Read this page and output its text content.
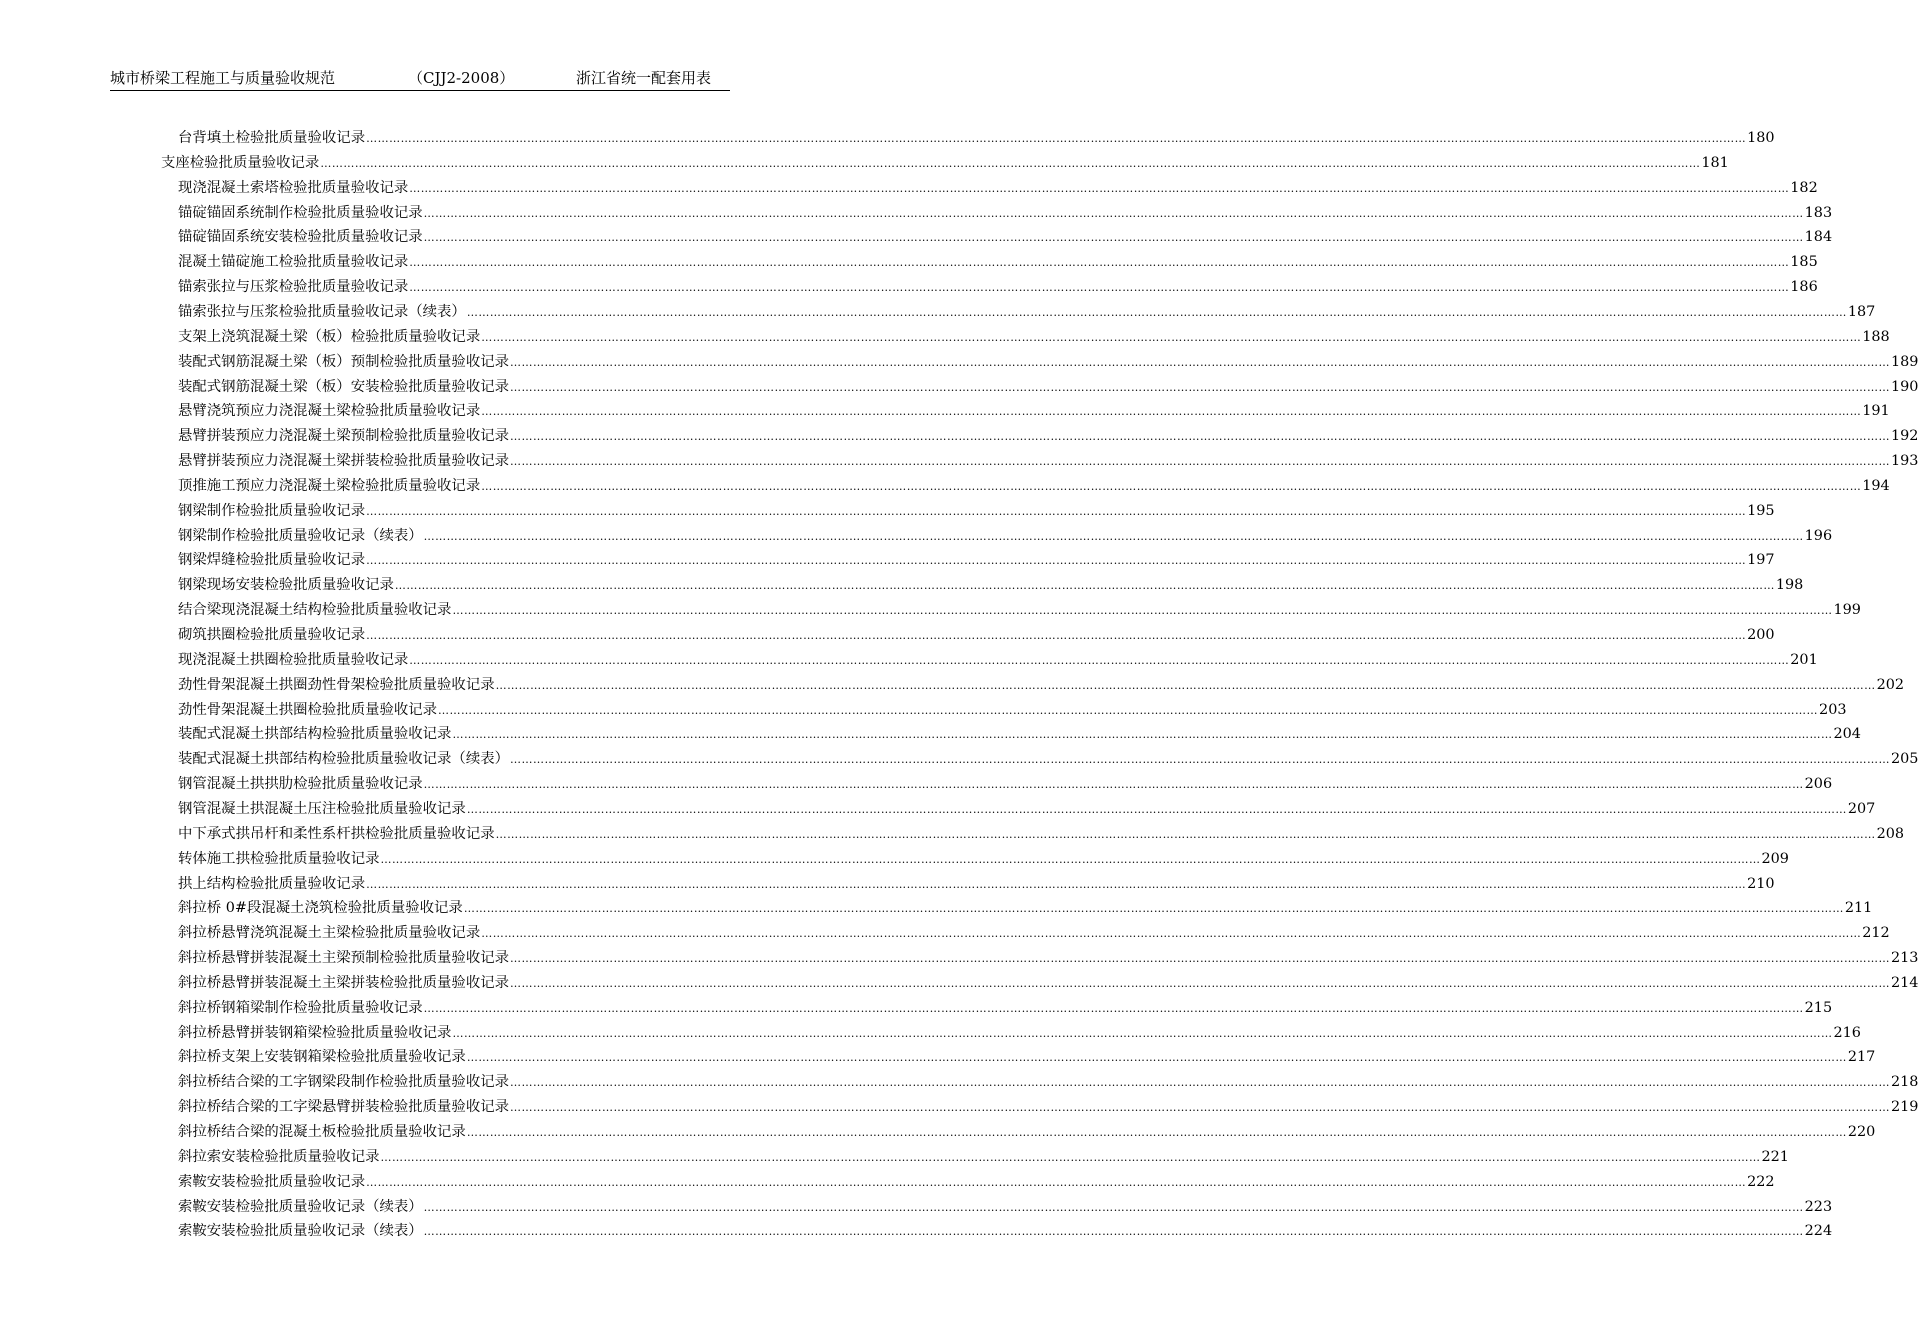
城市桥梁工程施工与质量验收规范	（CJJ2-2008）	浙江省统一配套用表
台背填土检验批质量验收记录 ……………………………………………………………………………………………………………………………………………………………………………………………………………………………………………………………………………………………………………………………… 180
支座检验批质量验收记录 ……………………………………………………………………………………………………………………………………………………………………………………………………………………………………………………………………………………………………………………………… 181
现浇混凝土索塔检验批质量验收记录 ……………………………………………………………………………………………………………………………………………………………………………………………………………………………………………………………………………………………………………………………… 182
锚碇锚固系统制作检验批质量验收记录 ……………………………………………………………………………………………………………………………………………………………………………………………………………………………………………………………………………………………………………………………… 183
锚碇锚固系统安装检验批质量验收记录 ……………………………………………………………………………………………………………………………………………………………………………………………………………………………………………………………………………………………………………………………… 184
混凝土锚碇施工检验批质量验收记录 ……………………………………………………………………………………………………………………………………………………………………………………………………………………………………………………………………………………………………………………………… 185
锚索张拉与压浆检验批质量验收记录 ……………………………………………………………………………………………………………………………………………………………………………………………………………………………………………………………………………………………………………………………… 186
锚索张拉与压浆检验批质量验收记录（续表） ……………………………………………………………………………………………………………………………………………………………………………………………………………………………………………………………………………………………………………………………… 187
支架上浇筑混凝土梁（板）检验批质量验收记录 ……………………………………………………………………………………………………………………………………………………………………………………………………………………………………………………………………………………………………………………………… 188
装配式钢筋混凝土梁（板）预制检验批质量验收记录 ……………………………………………………………………………………………………………………………………………………………………………………………………………………………………………………………………………………………………………………………… 189
装配式钢筋混凝土梁（板）安装检验批质量验收记录 ……………………………………………………………………………………………………………………………………………………………………………………………………………………………………………………………………………………………………………………………… 190
悬臂浇筑预应力浇混凝土梁检验批质量验收记录 ……………………………………………………………………………………………………………………………………………………………………………………………………………………………………………………………………………………………………………………………… 191
悬臂拼装预应力浇混凝土梁预制检验批质量验收记录 ……………………………………………………………………………………………………………………………………………………………………………………………………………………………………………………………………………………………………………………………… 192
悬臂拼装预应力浇混凝土梁拼装检验批质量验收记录 ……………………………………………………………………………………………………………………………………………………………………………………………………………………………………………………………………………………………………………………………… 193
顶推施工预应力浇混凝土梁检验批质量验收记录 ……………………………………………………………………………………………………………………………………………………………………………………………………………………………………………………………………………………………………………………………… 194
钢梁制作检验批质量验收记录 ……………………………………………………………………………………………………………………………………………………………………………………………………………………………………………………………………………………………………………………………… 195
钢梁制作检验批质量验收记录（续表） ……………………………………………………………………………………………………………………………………………………………………………………………………………………………………………………………………………………………………………………………… 196
钢梁焊缝检验批质量验收记录 ……………………………………………………………………………………………………………………………………………………………………………………………………………………………………………………………………………………………………………………………… 197
钢梁现场安装检验批质量验收记录 ……………………………………………………………………………………………………………………………………………………………………………………………………………………………………………………………………………………………………………………………… 198
结合梁现浇混凝土结构检验批质量验收记录 ……………………………………………………………………………………………………………………………………………………………………………………………………………………………………………………………………………………………………………………………… 199
砌筑拱圈检验批质量验收记录 ……………………………………………………………………………………………………………………………………………………………………………………………………………………………………………………………………………………………………………………………… 200
现浇混凝土拱圈检验批质量验收记录 ……………………………………………………………………………………………………………………………………………………………………………………………………………………………………………………………………………………………………………………………… 201
劲性骨架混凝土拱圈劲性骨架检验批质量验收记录 ……………………………………………………………………………………………………………………………………………………………………………………………………………………………………………………………………………………………………………………………… 202
劲性骨架混凝土拱圈检验批质量验收记录 ……………………………………………………………………………………………………………………………………………………………………………………………………………………………………………………………………………………………………………………………… 203
装配式混凝土拱部结构检验批质量验收记录 ……………………………………………………………………………………………………………………………………………………………………………………………………………………………………………………………………………………………………………………………… 204
装配式混凝土拱部结构检验批质量验收记录（续表） ……………………………………………………………………………………………………………………………………………………………………………………………………………………………………………………………………………………………………………………………… 205
钢管混凝土拱拱肋检验批质量验收记录 ……………………………………………………………………………………………………………………………………………………………………………………………………………………………………………………………………………………………………………………………… 206
钢管混凝土拱混凝土压注检验批质量验收记录 ……………………………………………………………………………………………………………………………………………………………………………………………………………………………………………………………………………………………………………………………… 207
中下承式拱吊杆和柔性系杆拱检验批质量验收记录 ……………………………………………………………………………………………………………………………………………………………………………………………………………………………………………………………………………………………………………………………… 208
转体施工拱检验批质量验收记录 ……………………………………………………………………………………………………………………………………………………………………………………………………………………………………………………………………………………………………………………………… 209
拱上结构检验批质量验收记录 ……………………………………………………………………………………………………………………………………………………………………………………………………………………………………………………………………………………………………………………………… 210
斜拉桥 0#段混凝土浇筑检验批质量验收记录 ……………………………………………………………………………………………………………………………………………………………………………………………………………………………………………………………………………………………………………………………… 211
斜拉桥悬臂浇筑混凝土主梁检验批质量验收记录 ……………………………………………………………………………………………………………………………………………………………………………………………………………………………………………………………………………………………………………………………… 212
斜拉桥悬臂拼装混凝土主梁预制检验批质量验收记录 ……………………………………………………………………………………………………………………………………………………………………………………………………………………………………………………………………………………………………………………………… 213
斜拉桥悬臂拼装混凝土主梁拼装检验批质量验收记录 ……………………………………………………………………………………………………………………………………………………………………………………………………………………………………………………………………………………………………………………………… 214
斜拉桥钢箱梁制作检验批质量验收记录 ……………………………………………………………………………………………………………………………………………………………………………………………………………………………………………………………………………………………………………………………… 215
斜拉桥悬臂拼装钢箱梁检验批质量验收记录 ……………………………………………………………………………………………………………………………………………………………………………………………………………………………………………………………………………………………………………………………… 216
斜拉桥支架上安装钢箱梁检验批质量验收记录 ……………………………………………………………………………………………………………………………………………………………………………………………………………………………………………………………………………………………………………………………… 217
斜拉桥结合梁的工字钢梁段制作检验批质量验收记录 ……………………………………………………………………………………………………………………………………………………………………………………………………………………………………………………………………………………………………………………………… 218
斜拉桥结合梁的工字梁悬臂拼装检验批质量验收记录 ……………………………………………………………………………………………………………………………………………………………………………………………………………………………………………………………………………………………………………………………… 219
斜拉桥结合梁的混凝土板检验批质量验收记录 ……………………………………………………………………………………………………………………………………………………………………………………………………………………………………………………………………………………………………………………………… 220
斜拉索安装检验批质量验收记录 ……………………………………………………………………………………………………………………………………………………………………………………………………………………………………………………………………………………………………………………………… 221
索鞍安装检验批质量验收记录 ……………………………………………………………………………………………………………………………………………………………………………………………………………………………………………………………………………………………………………………………… 222
索鞍安装检验批质量验收记录（续表） ……………………………………………………………………………………………………………………………………………………………………………………………………………………………………………………………………………………………………………………………… 223
索鞍安装检验批质量验收记录（续表） ……………………………………………………………………………………………………………………………………………………………………………………………………………………………………………………………………………………………………………………………… 224
